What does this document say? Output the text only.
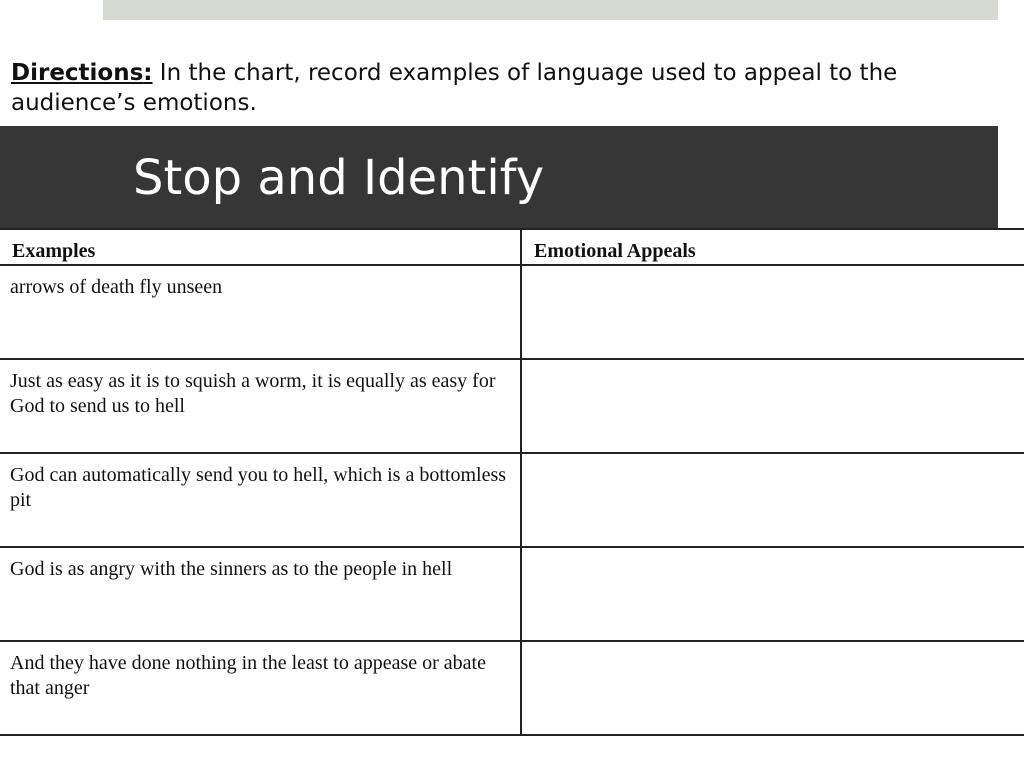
Directions: In the chart, record examples of language used to appeal to the audience’s emotions.
Stop and Identify
Examples	Emotional Appeals

arrows of death fly unseen	

Just as easy as it is to squish a worm, it is equally as easy for God to send us to hell	

God can automatically send you to hell, which is a bottomless pit	

God is as angry with the sinners as to the people in hell	

And they have done nothing in the least to appease or abate that anger	
